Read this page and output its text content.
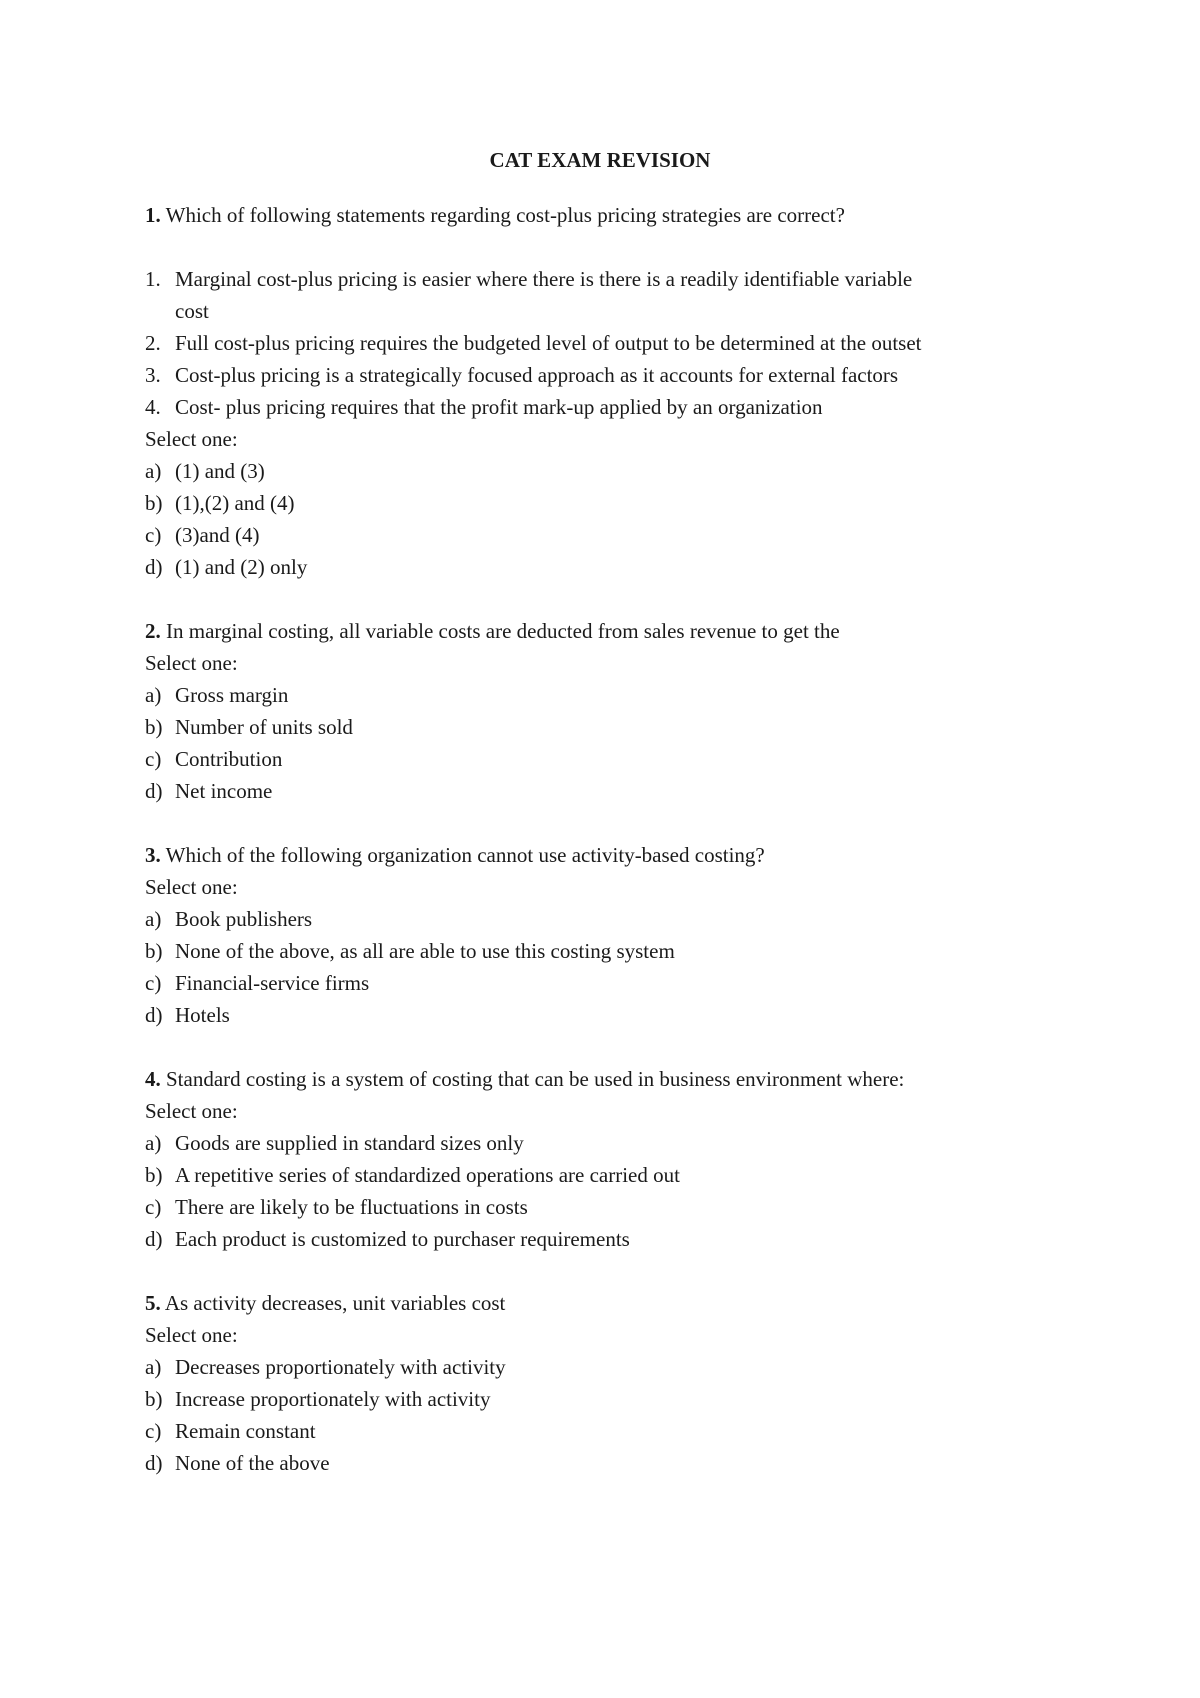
CAT EXAM REVISION
1. Which of following statements regarding cost-plus pricing strategies are correct?
1. Marginal cost-plus pricing is easier where there is there is a readily identifiable variable
cost
2. Full cost-plus pricing requires the budgeted level of output to be determined at the outset
3. Cost-plus pricing is a strategically focused approach as it accounts for external factors
4. Cost- plus pricing requires that the profit mark-up applied by an organization
Select one:
a) (1) and (3)
b) (1),(2) and (4)
c) (3)and (4)
d) (1) and (2) only
2. In marginal costing, all variable costs are deducted from sales revenue to get the
Select one:
a) Gross margin
b) Number of units sold
c) Contribution
d) Net income
3. Which of the following organization cannot use activity-based costing?
Select one:
a) Book publishers
b) None of the above, as all are able to use this costing system
c) Financial-service firms
d) Hotels
4. Standard costing is a system of costing that can be used in business environment where:
Select one:
a) Goods are supplied in standard sizes only
b) A repetitive series of standardized operations are carried out
c) There are likely to be fluctuations in costs
d) Each product is customized to purchaser requirements
5. As activity decreases, unit variables cost
Select one:
a) Decreases proportionately with activity
b) Increase proportionately with activity
c) Remain constant
d) None of the above
